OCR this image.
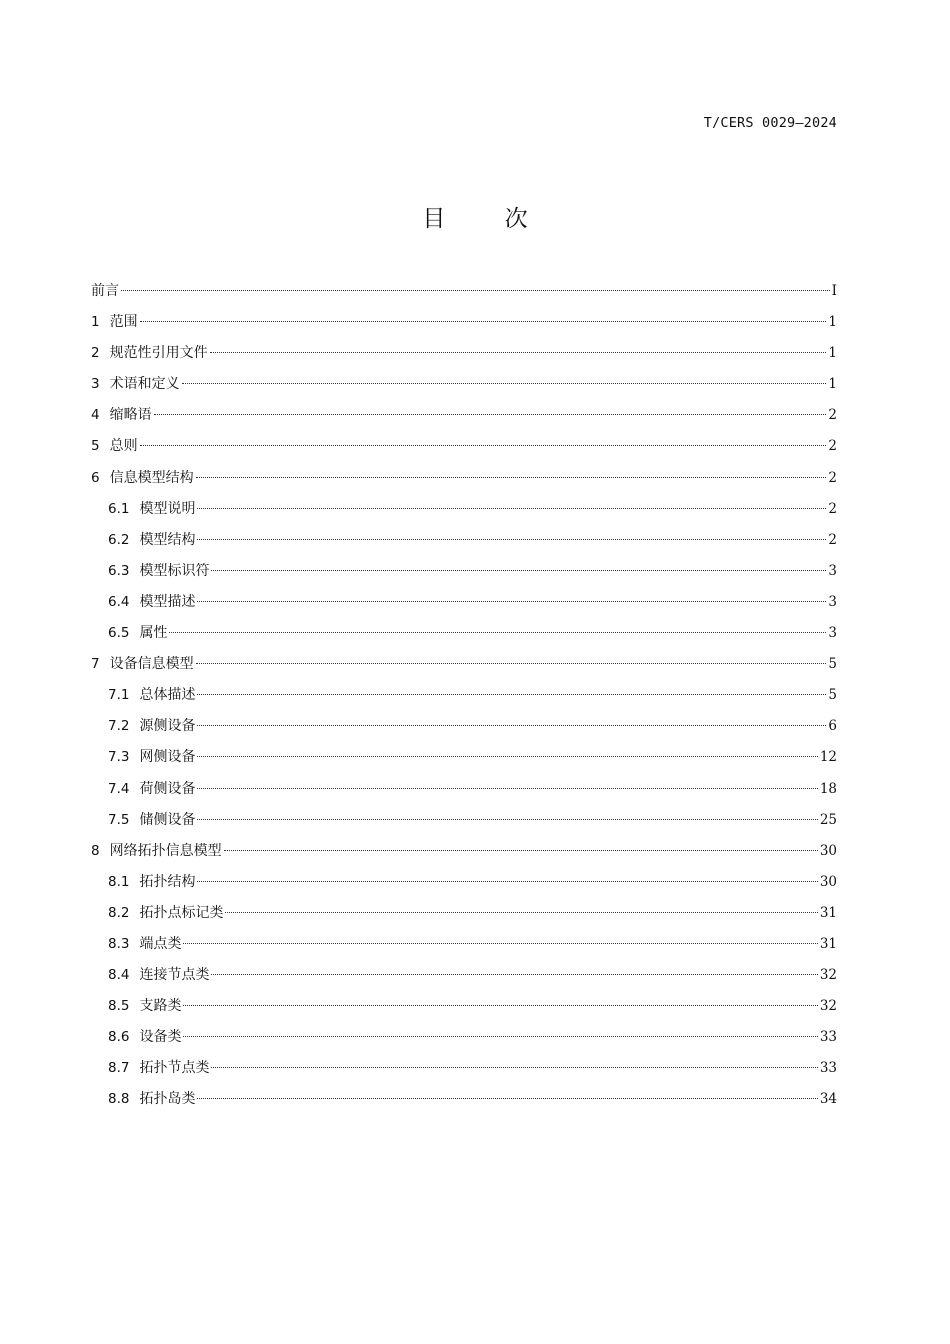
T/CERS 0029—2024
目 次
前言	I
1 范围	1
2 规范性引用文件	1
3 术语和定义	1
4 缩略语	2
5 总则	2
6 信息模型结构	2
6.1 模型说明	2
6.2 模型结构	2
6.3 模型标识符	3
6.4 模型描述	3
6.5 属性	3
7 设备信息模型	5
7.1 总体描述	5
7.2 源侧设备	6
7.3 网侧设备	12
7.4 荷侧设备	18
7.5 储侧设备	25
8 网络拓扑信息模型	30
8.1 拓扑结构	30
8.2 拓扑点标记类	31
8.3 端点类	31
8.4 连接节点类	32
8.5 支路类	32
8.6 设备类	33
8.7 拓扑节点类	33
8.8 拓扑岛类	34
